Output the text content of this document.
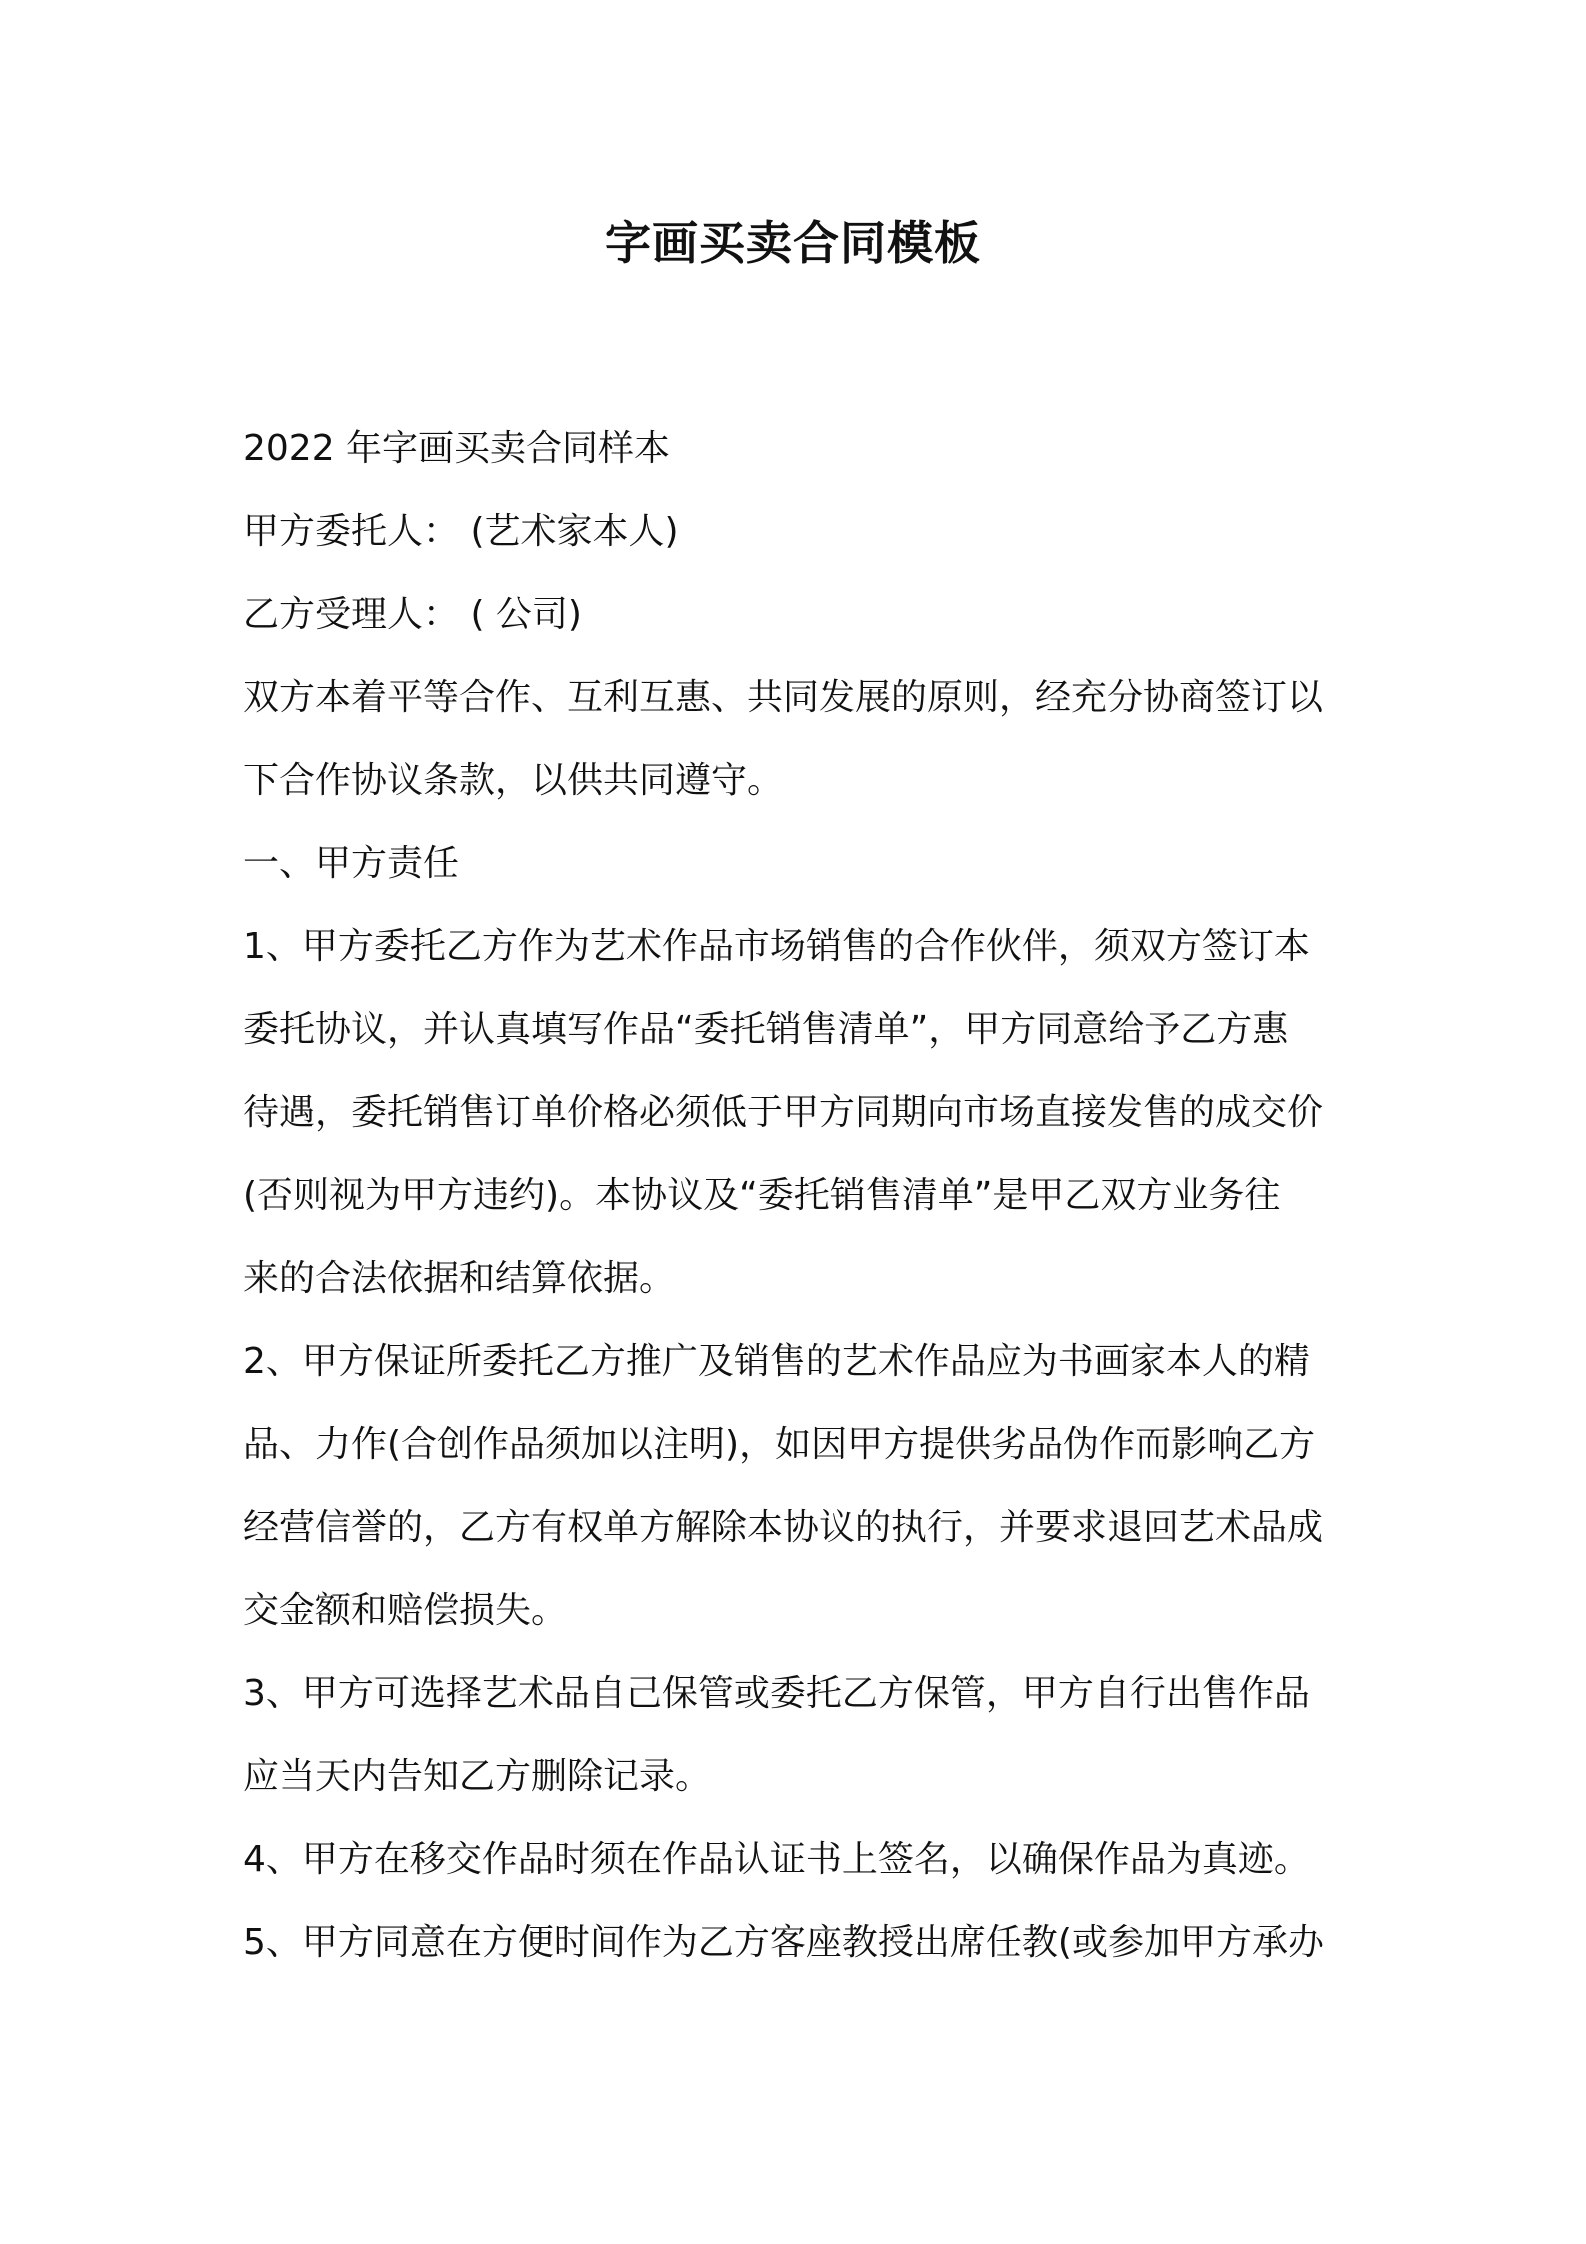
字画买卖合同模板
2022 年字画买卖合同样本
甲方委托人： (艺术家本人)
乙方受理人： ( 公司)
双方本着平等合作、互利互惠、共同发展的原则，经充分协商签订以
下合作协议条款，以供共同遵守。
一、甲方责任
1、甲方委托乙方作为艺术作品市场销售的合作伙伴，须双方签订本
委托协议，并认真填写作品“委托销售清单”，甲方同意给予乙方惠
待遇，委托销售订单价格必须低于甲方同期向市场直接发售的成交价
(否则视为甲方违约)。本协议及“委托销售清单”是甲乙双方业务往
来的合法依据和结算依据。
2、甲方保证所委托乙方推广及销售的艺术作品应为书画家本人的精
品、力作(合创作品须加以注明)，如因甲方提供劣品伪作而影响乙方
经营信誉的，乙方有权单方解除本协议的执行，并要求退回艺术品成
交金额和赔偿损失。
3、甲方可选择艺术品自己保管或委托乙方保管，甲方自行出售作品
应当天内告知乙方删除记录。
4、甲方在移交作品时须在作品认证书上签名，以确保作品为真迹。
5、甲方同意在方便时间作为乙方客座教授出席任教(或参加甲方承办
